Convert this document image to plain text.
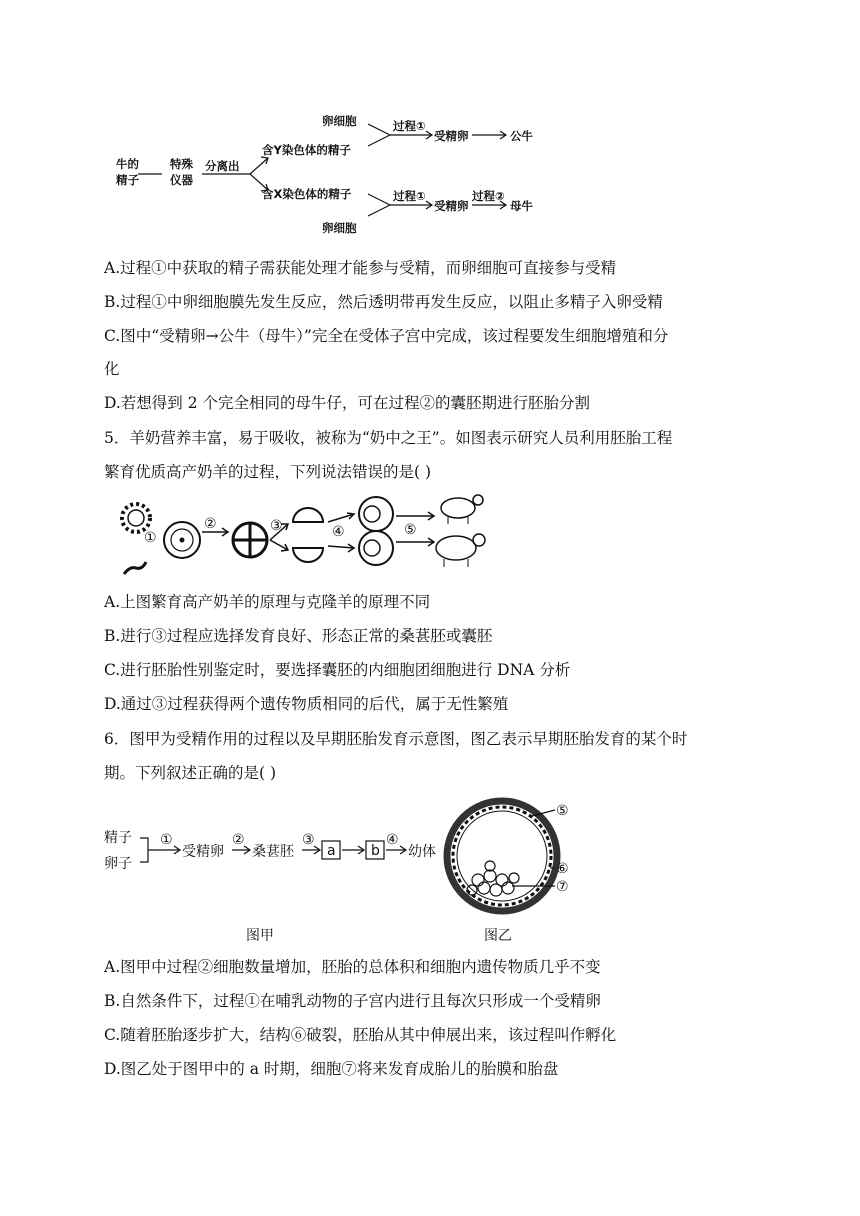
牛的
精子
特殊
仪器
分离出
卵细胞
含Y染色体的精子
过程①
受精卵	公牛
含X染色体的精子	过程①
受精卵
过程②
母牛
卵细胞
A.过程①中获取的精子需获能处理才能参与受精，而卵细胞可直接参与受精
B.过程①中卵细胞膜先发生反应，然后透明带再发生反应，以阻止多精子入卵受精
C.图中“受精卵→公牛（母牛）”完全在受体子宫中完成，该过程要发生细胞增殖和分
化
D.若想得到 2 个完全相同的母牛仔，可在过程②的囊胚期进行胚胎分割
5．羊奶营养丰富，易于吸收，被称为“奶中之王”。如图表示研究人员利用胚胎工程
繁育优质高产奶羊的过程，下列说法错误的是( )
①
②	③	④	⑤
A.上图繁育高产奶羊的原理与克隆羊的原理不同
B.进行③过程应选择发育良好、形态正常的桑葚胚或囊胚
C.进行胚胎性别鉴定时，要选择囊胚的内细胞团细胞进行 DNA 分析
D.通过③过程获得两个遗传物质相同的后代，属于无性繁殖
6．图甲为受精作用的过程以及早期胚胎发育示意图，图乙表示早期胚胎发育的某个时
期。下列叙述正确的是( )
精子
卵子
①
受精卵
②
桑葚胚
③
a	b
④
幼体
图甲
⑤
⑥
⑦
图乙
A.图甲中过程②细胞数量增加，胚胎的总体积和细胞内遗传物质几乎不变
B.自然条件下，过程①在哺乳动物的子宫内进行且每次只形成一个受精卵
C.随着胚胎逐步扩大，结构⑥破裂，胚胎从其中伸展出来，该过程叫作孵化
D.图乙处于图甲中的 a 时期，细胞⑦将来发育成胎儿的胎膜和胎盘
